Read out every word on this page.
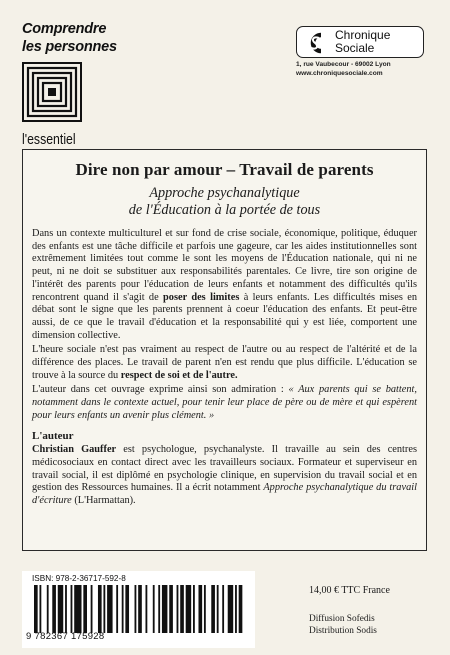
Comprendre
les personnes
l'essentiel
Chronique
Sociale
1, rue Vaubecour - 69002 Lyon
www.chroniquesociale.com
Dire non par amour – Travail de parents
Approche psychanalytique
de l'Éducation à la portée de tous

Dans un contexte multiculturel et sur fond de crise sociale, économique, politique, éduquer des enfants est une tâche difficile et parfois une gageure, car les aides institutionnelles sont extrêmement limitées tout comme le sont les moyens de l'Éducation nationale, qui ni ne peut, ni ne doit se substituer aux responsabilités parentales. Ce livre, tire son origine de l'intérêt des parents pour l'éducation de leurs enfants et notamment des difficultés qu'ils rencontrent quand il s'agit de poser des limites à leurs enfants. Les difficultés mises en débat sont le signe que les parents prennent à coeur l'éducation des enfants. Et peut-être aussi, de ce que le travail d'éducation et la responsabilité qui y est liée, comportent une dimension collective.

L'heure sociale n'est pas vraiment au respect de l'autre ou au respect de l'altérité et de la différence des places. Le travail de parent n'en est rendu que plus difficile. L'éducation se trouve à la source du respect de soi et de l'autre.

L'auteur dans cet ouvrage exprime ainsi son admiration : « Aux parents qui se battent, notamment dans le contexte actuel, pour tenir leur place de père ou de mère et qui espèrent pour leurs enfants un avenir plus clément. »

L'auteur

Christian Gauffer est psychologue, psychanalyste. Il travaille au sein des centres médicosociaux en contact direct avec les travailleurs sociaux. Formateur et superviseur en travail social, il est diplômé en psychologie clinique, en supervision du travail social et en gestion des Ressources humaines. Il a écrit notamment Approche psychanalytique du travail d'écriture (L'Harmattan).

ISBN: 978-2-36717-592-8
9 782367 175928
14,00 € TTC France
Diffusion Sofedis
Distribution Sodis
